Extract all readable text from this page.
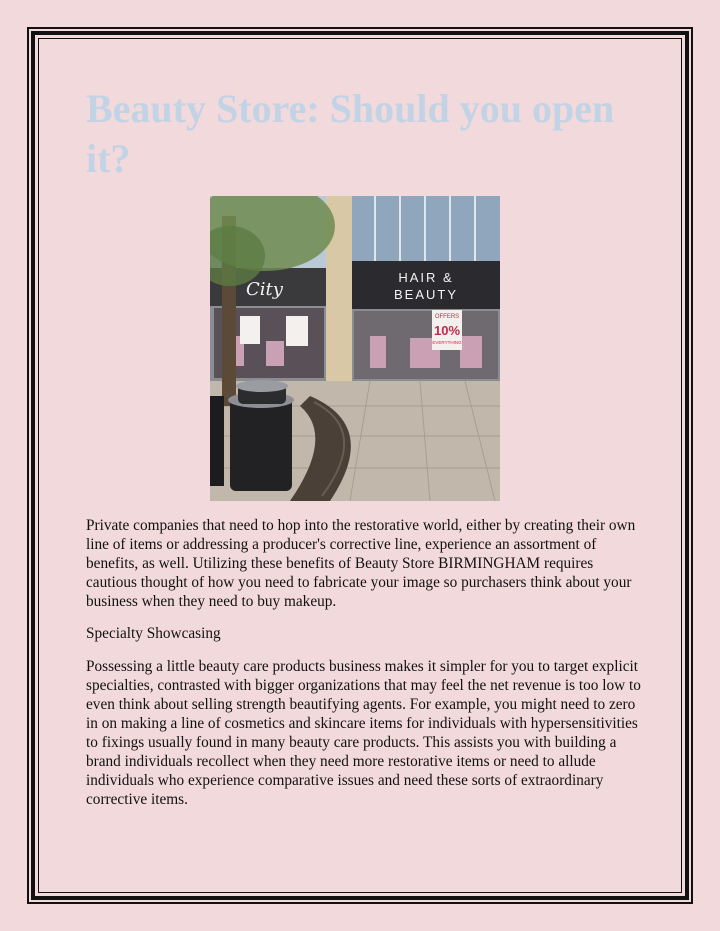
Beauty Store: Should you open it?
City
HAIR &
BEAUTY
OFFERS
10%
EVERYTHING

Private companies that need to hop into the restorative world, either by creating their own line of items or addressing a producer's corrective line, experience an assortment of benefits, as well. Utilizing these benefits of Beauty Store BIRMINGHAM requires cautious thought of how you need to fabricate your image so purchasers think about your business when they need to buy makeup.

Specialty Showcasing

Possessing a little beauty care products business makes it simpler for you to target explicit specialties, contrasted with bigger organizations that may feel the net revenue is too low to even think about selling strength beautifying agents. For example, you might need to zero in on making a line of cosmetics and skincare items for individuals with hypersensitivities to fixings usually found in many beauty care products. This assists you with building a brand individuals recollect when they need more restorative items or need to allude individuals who experience comparative issues and need these sorts of extraordinary corrective items.
